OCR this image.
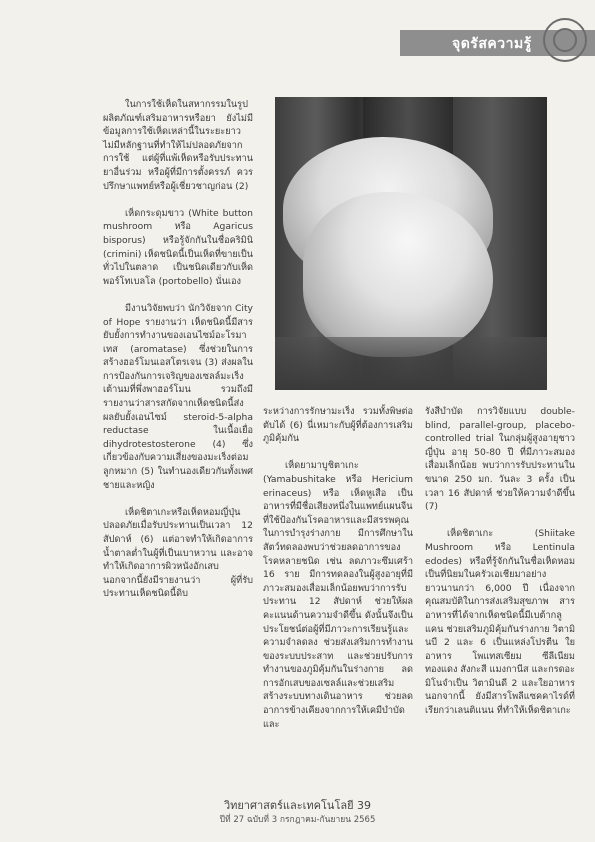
จุดรัสความรู้

ในการใช้เห็ดในสหากรรมในรูป ผลิตภัณฑ์เสริมอาหารหรือยา ยังไม่มีข้อมูลการใช้เห็ดเหล่านี้ในระยะยาว ไม่มีหลักฐานที่ทำให้ไม่ปลอดภัยจากการใช้ แต่ผู้ที่แพ้เห็ดหรือรับประทานยาอื่นร่วม หรือผู้ที่มีการตั้งครรภ์ ควรปรึกษาแพทย์หรือผู้เชี่ยวชาญก่อน (2)

เห็ดกระดุมขาว (White button mushroom หรือ Agaricus bisporus) หรือรู้จักกันในชื่อคริมินิ (crimini) เห็ดชนิดนี้เป็นเห็ดที่ขายเป็นทั่วไปในตลาด เป็นชนิดเดียวกับเห็ดพอร์โทเบลโล (portobello) นั่นเอง

มีงานวิจัยพบว่า นักวิจัยจาก City of Hope รายงานว่า เห็ดชนิดนี้มีสารยับยั้งการทำงานของเอนไซม์อะโรมาเทส (aromatase) ซึ่งช่วยในการสร้างฮอร์โมนเอสโตรเจน (3) ส่งผลในการป้องกันการเจริญของเซลล์มะเร็งเต้านมที่พึ่งพาฮอร์โมน รวมถึงมีรายงานว่าสารสกัดจากเห็ดชนิดนี้ส่งผลยับยั้งเอนไซม์ steroid-5-alpha reductase ในเนื้อเยื่อ dihydrotestosterone (4) ซึ่งเกี่ยวข้องกับความเสี่ยงของมะเร็งต่อมลูกหมาก (5) ในทำนองเดียวกันทั้งเพศชายและหญิง

เห็ดชิตาเกะหรือเห็ดหอมญี่ปุ่น ปลอดภัยเมื่อรับประทานเป็นเวลา 12 สัปดาห์ (6) แต่อาจทำให้เกิดอาการน้ำตาลต่ำในผู้ที่เป็นเบาหวาน และอาจทำให้เกิดอาการผิวหนังอักเสบ นอกจากนี้ยังมีรายงานว่า ผู้ที่รับประทานเห็ดชนิดนี้ดิบ

ระหว่างการรักษามะเร็ง รวมทั้งพิษต่อตับได้ (6) นี่เหมาะกับผู้ที่ต้องการเสริมภูมิคุ้มกัน

เห็ดยามาบูชิตาเกะ (Yamabushitake หรือ Hericium erinaceus) หรือ เห็ดหูเสือ เป็นอาหารที่มีชื่อเสียงหนึ่งในแพทย์แผนจีนที่ใช้ป้องกันโรคอาหารและมีสรรพคุณในการบำรุงร่างกาย มีการศึกษาในสัตว์ทดลองพบว่าช่วยลดอาการของโรคหลายชนิด เช่น ลดภาวะซึมเศร้า 16 ราย มีการทดลองในผู้สูงอายุที่มีภาวะสมองเสื่อมเล็กน้อยพบว่าการรับประทาน 12 สัปดาห์ ช่วยให้ผลคะแนนด้านความจำดีขึ้น ดังนั้นจึงเป็นประโยชน์ต่อผู้ที่มีภาวะการเรียนรู้และความจำลดลง ช่วยส่งเสริมการทำงานของระบบประสาท และช่วยปรับการทำงานของภูมิคุ้มกันในร่างกาย ลดการอักเสบของเซลล์และช่วยเสริมสร้างระบบทางเดินอาหาร ช่วยลดอาการข้างเคียงจากการให้เคมีบำบัดและ

รังสีบำบัด การวิจัยแบบ double-blind, parallel-group, placebo-controlled trial ในกลุ่มผู้สูงอายุชาวญี่ปุ่น อายุ 50-80 ปี ที่มีภาวะสมองเสื่อมเล็กน้อย พบว่าการรับประทานในขนาด 250 มก. วันละ 3 ครั้ง เป็นเวลา 16 สัปดาห์ ช่วยให้ความจำดีขึ้น (7)

เห็ดชิตาเกะ (Shiitake Mushroom หรือ Lentinula edodes) หรือที่รู้จักกันในชื่อเห็ดหอม เป็นที่นิยมในครัวเอเชียมาอย่างยาวนานกว่า 6,000 ปี เนื่องจากคุณสมบัติในการส่งเสริมสุขภาพ สารอาหารที่ได้จากเห็ดชนิดนี้มีเบต้ากลูแคน ช่วยเสริมภูมิคุ้มกันร่างกาย วิตามินบี 2 และ 6 เป็นแหล่งโปรตีน ใยอาหาร โพแทสเซียม ซีลีเนียม ทองแดง สังกะสี แมงกานีส และกรดอะมิโนจำเป็น วิตามินดี 2 และใยอาหาร นอกจากนี้ ยังมีสารโพลีแซคคาไรด์ที่เรียกว่าเลนติแนน ที่ทำให้เห็ดชิตาเกะ

วิทยาศาสตร์และเทคโนโลยี 39
ปีที่ 27 ฉบับที่ 3 กรกฎาคม-กันยายน 2565
